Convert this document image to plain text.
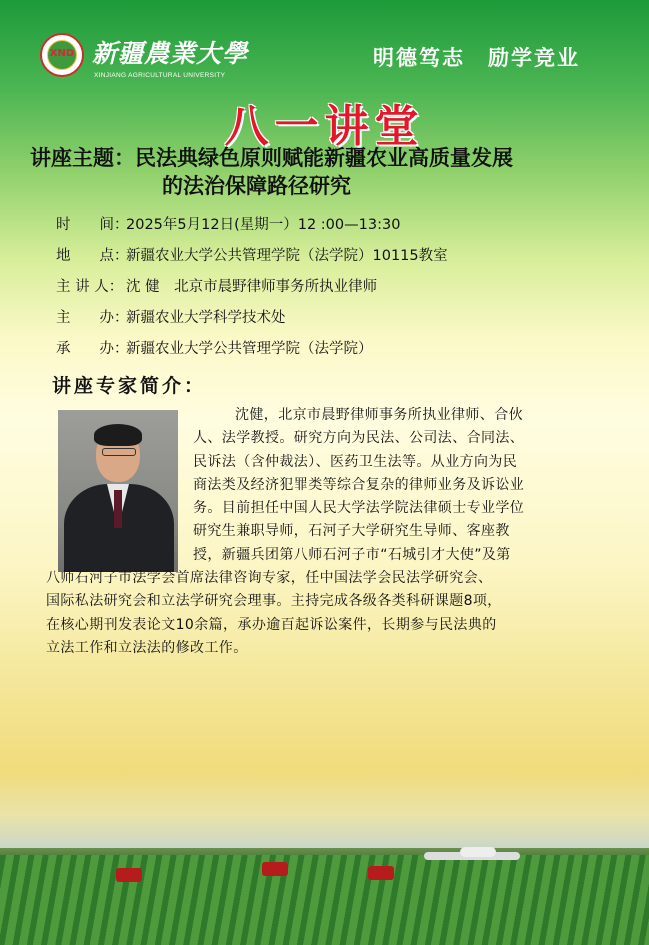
XND 新疆農業大學
XINJIANG AGRICULTURAL UNIVERSITY
明德笃志　励学竞业
八一讲堂
讲座主题：民法典绿色原则赋能新疆农业高质量发展
的法治保障路径研究
时　　间：2025年5月12日(星期一）12 :00—13:30
地　　点：新疆农业大学公共管理学院（法学院）10115教室
主 讲 人： 沈 健　北京市晨野律师事务所执业律师
主　　办：新疆农业大学科学技术处
承　　办：新疆农业大学公共管理学院（法学院）
讲座专家简介：
沈健，北京市晨野律师事务所执业律师、合伙
人、法学教授。研究方向为民法、公司法、合同法、
民诉法（含仲裁法）、医药卫生法等。从业方向为民
商法类及经济犯罪类等综合复杂的律师业务及诉讼业
务。目前担任中国人民大学法学院法律硕士专业学位
研究生兼职导师，石河子大学研究生导师、客座教
授，新疆兵团第八师石河子市“石城引才大使”及第
八师石河子市法学会首席法律咨询专家，任中国法学会民法学研究会、
国际私法研究会和立法学研究会理事。主持完成各级各类科研课题8项，
在核心期刊发表论文10余篇，承办逾百起诉讼案件，长期参与民法典的
立法工作和立法法的修改工作。
